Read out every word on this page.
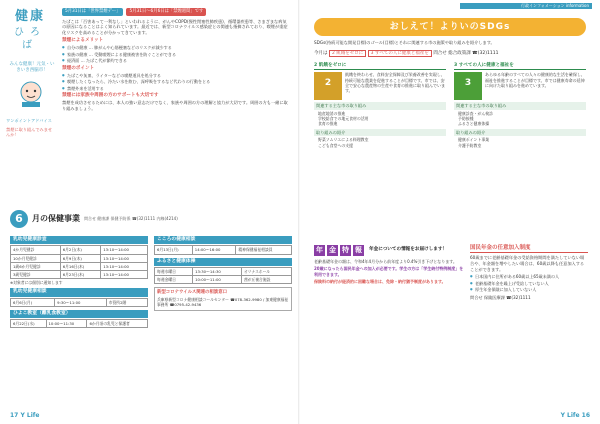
健康
ひろば
みんな健康！元気・いきいき西脇市！
ワンポイントアドバイス
禁煙に取り組んでみませんか！
5月31日は「世界禁煙デー」	5月31日～6月6日は「禁煙週間」です

たばこは「百害あって一利なし」といわれるように、がんやCOPD(慢性閉塞性肺疾患)、循環器疾患等、さまざまな病気の原因になることはよく知られています。最近では、新型コロナウイルス感染症との関連も指摘されており、喫煙が重症化リスクを高めることが分かってきています。

禁煙によるメリット
● 自分の健康 … 肺がんや心筋梗塞などのリスクが減少する
● 家族の健康 … 受動喫煙による健康被害を防ぐことができる
● 経済面 … たばこ代が節約できる
禁煙のポイント
● たばこや灰皿、ライターなどの喫煙道具を処分する
● 喫煙したくなったら、冷たい水を飲む、深呼吸をするなど代わりの行動をとる
● 禁煙外来を活用する
禁煙には家族や周囲の方のサポートも大切です

禁煙を成功させるためには、本人の強い意志だけでなく、家族や周囲の方の理解と協力が大切です。周囲の方も一緒に取り組みましょう。

6	月の保健事業 問合せ 健康課 保健予防係 ☎(32)1111 内線(4214)
乳幼児健康診査
4か月児健診	6月2日(木)	13:10～14:00
10か月児健診	6月9日(木)	13:10～14:00
1歳6か月児健診	6月16日(木)	13:10～14:00
3歳児健診	6月23日(木)	13:10～14:00
※対象者には個別に通知します
乳幼児健康相談
6月6日(月)	9:30～11:00	市役所2階
ひよこ教室（離乳食教室）
6月22日(水)	10:00～11:30	6か月頃の乳児と保護者
こころの健康相談
6月13日(月)	14:00～16:00	精神保健福祉相談員
ふるさと健康体操
毎週水曜日	13:30～14:30	オリナスホール
毎週金曜日	10:00～11:00	茜が丘複合施設
新型コロナウイルス関連の相談窓口
兵庫県新型コロナ健康相談コールセンター ☎078-362-9980 / 加東健康福祉事務所 ☎0795-42-9436
17 Y Life
行政インフォメーション information
おしえて！よりいのSDGs
SDGs(持続可能な開発目標)のゴール(目標)とそれに関連する市の施策や取り組みを紹介します。
今月は 2 飢餓をゼロに 3 すべての人に健康と福祉を 問合せ 総合政策課 ☎(32)1111
2 飢餓をゼロに
2
飢餓を終わらせ、食料安全保障及び栄養改善を実現し、持続可能な農業を促進することが目標です。市では、安全で安心な農産物の生産や食育の推進に取り組んでいます。
関連する主な市の取り組み
地産地消の推進
学校給食での地元食材の活用
食育の推進
取り組みの紹介
野菜ソムリエによる料理教室
こども食堂への支援
3 すべての人に健康と福祉を
3
あらゆる年齢のすべての人々の健康的な生活を確保し、福祉を推進することが目標です。市では健康寿命の延伸に向けた取り組みを進めています。
関連する主な市の取り組み
健康診査・がん検診
予防接種
ふるさと健康体操
取り組みの紹介
健康ポイント事業
介護予防教室
年 金 特 報	年金についての情報をお届けします！

老齢基礎年金の額は、令和4年4月分から前年度より0.4%引き下げとなります。

20歳になったら国民年金への加入が必要です。学生の方は「学生納付特例制度」を利用できます。

保険料の納付が経済的に困難な場合は、免除・納付猶予制度があります。

国民年金の任意加入制度

60歳までに老齢基礎年金の受給資格期間を満たしていない場合や、年金額を増やしたい場合は、60歳以降も任意加入することができます。

● 日本国内に住所がある60歳以上65歳未満の人
● 老齢基礎年金を繰上げ受給していない人
● 厚生年金保険に加入していない人

問合せ 保険医療課 ☎(32)1111

Y Life 16
